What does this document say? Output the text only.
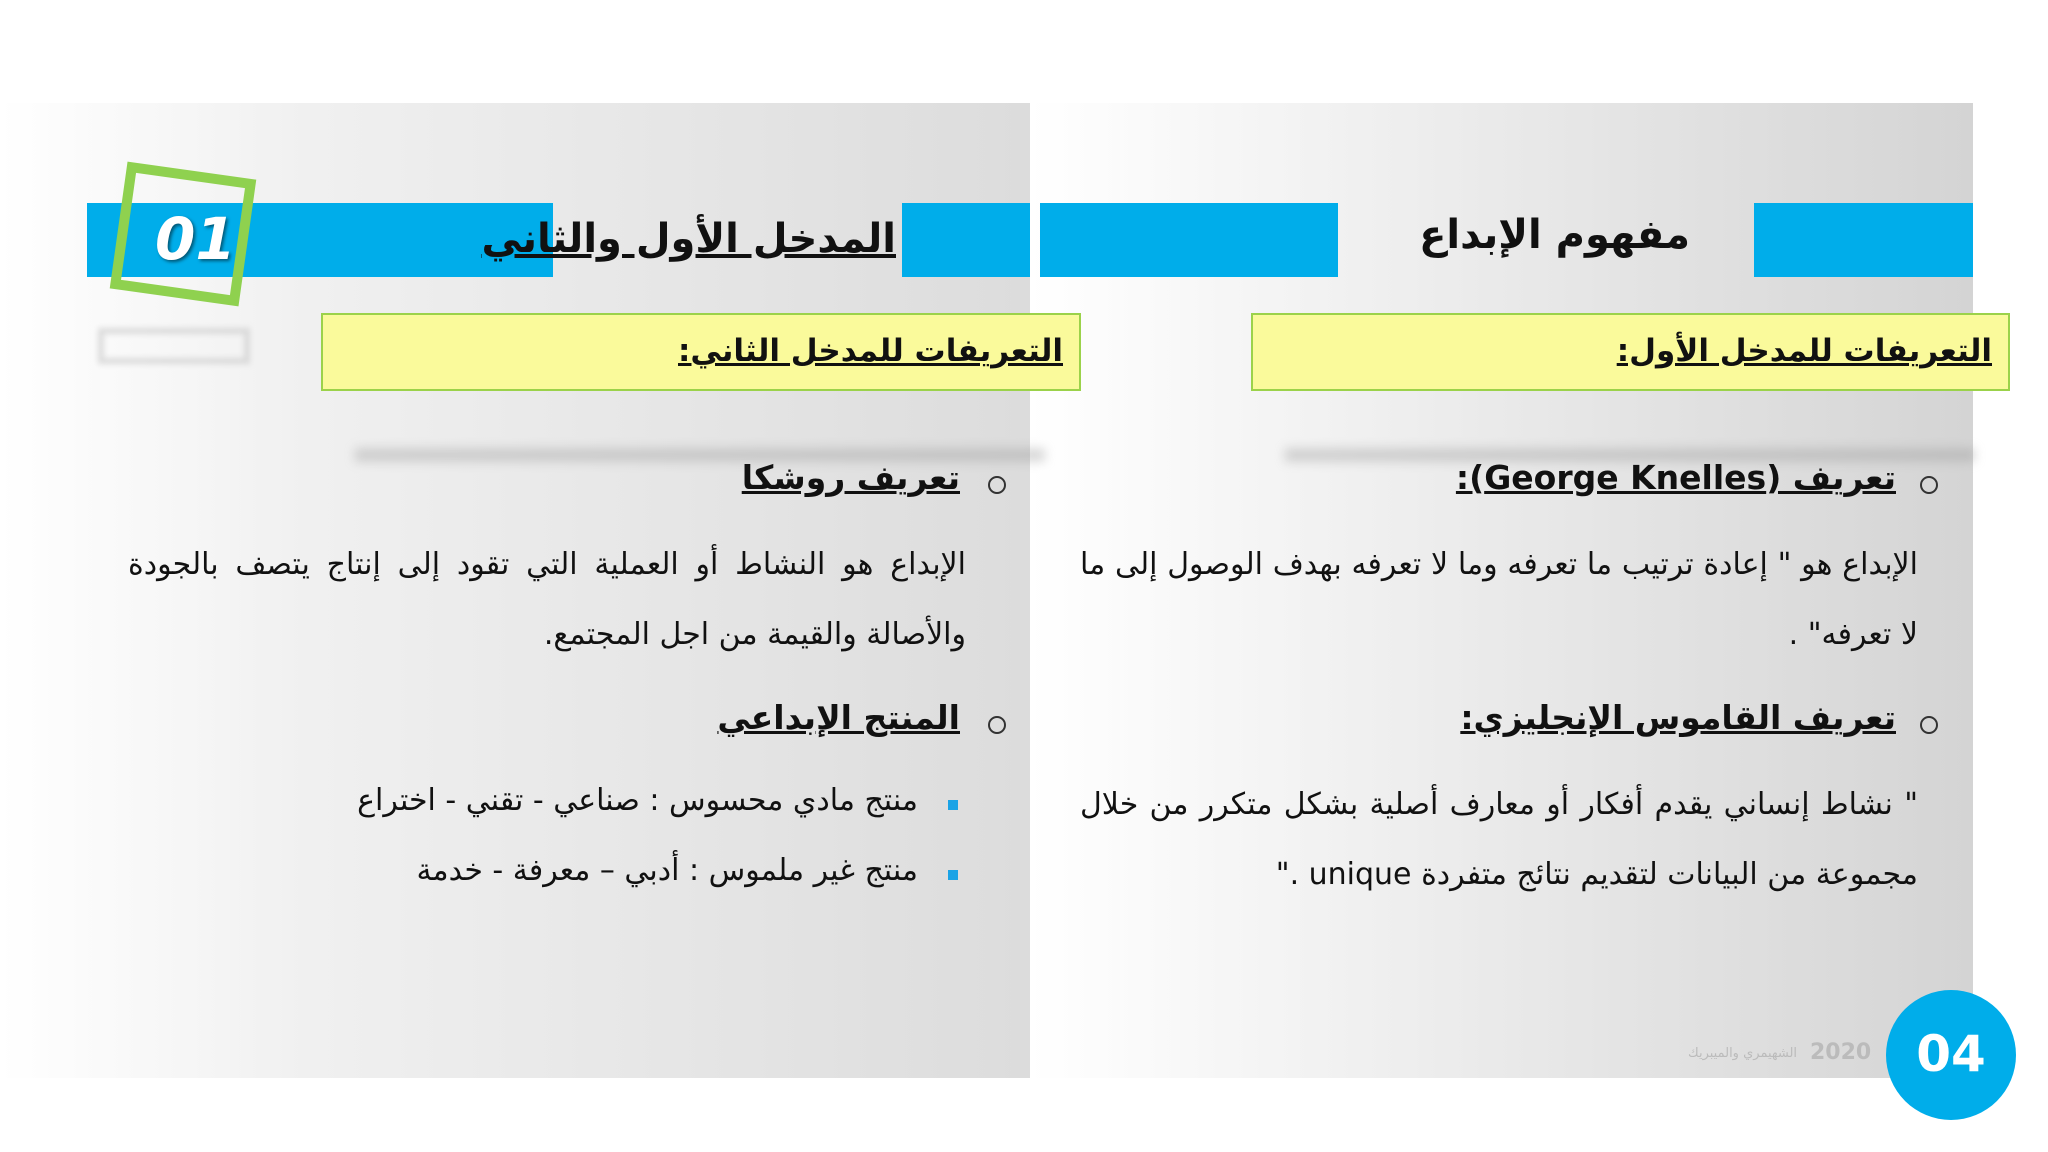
المدخل الأول والثاني	مفهوم الإبداع
01
التعريفات للمدخل الثاني:	التعريفات للمدخل الأول:
تعريف (George Knelles):
الإبداع هو " إعادة ترتيب ما تعرفه وما لا تعرفه بهدف الوصول إلى ما لا تعرفه" .
تعريف القاموس الإنجليزي:
" نشاط إنساني يقدم أفكار أو معارف أصلية بشكل متكرر من خلال مجموعة من البيانات لتقديم نتائج متفردة unique ."
تعريف روشكا
الإبداع هو النشاط أو العملية التي تقود إلى إنتاج يتصف بالجودة والأصالة والقيمة من اجل المجتمع.
المنتج الإبداعي
منتج مادي محسوس : صناعي - تقني - اختراع
منتج غير ملموس : أدبي – معرفة - خدمة
الشهيمري والميبريك 2020 04
